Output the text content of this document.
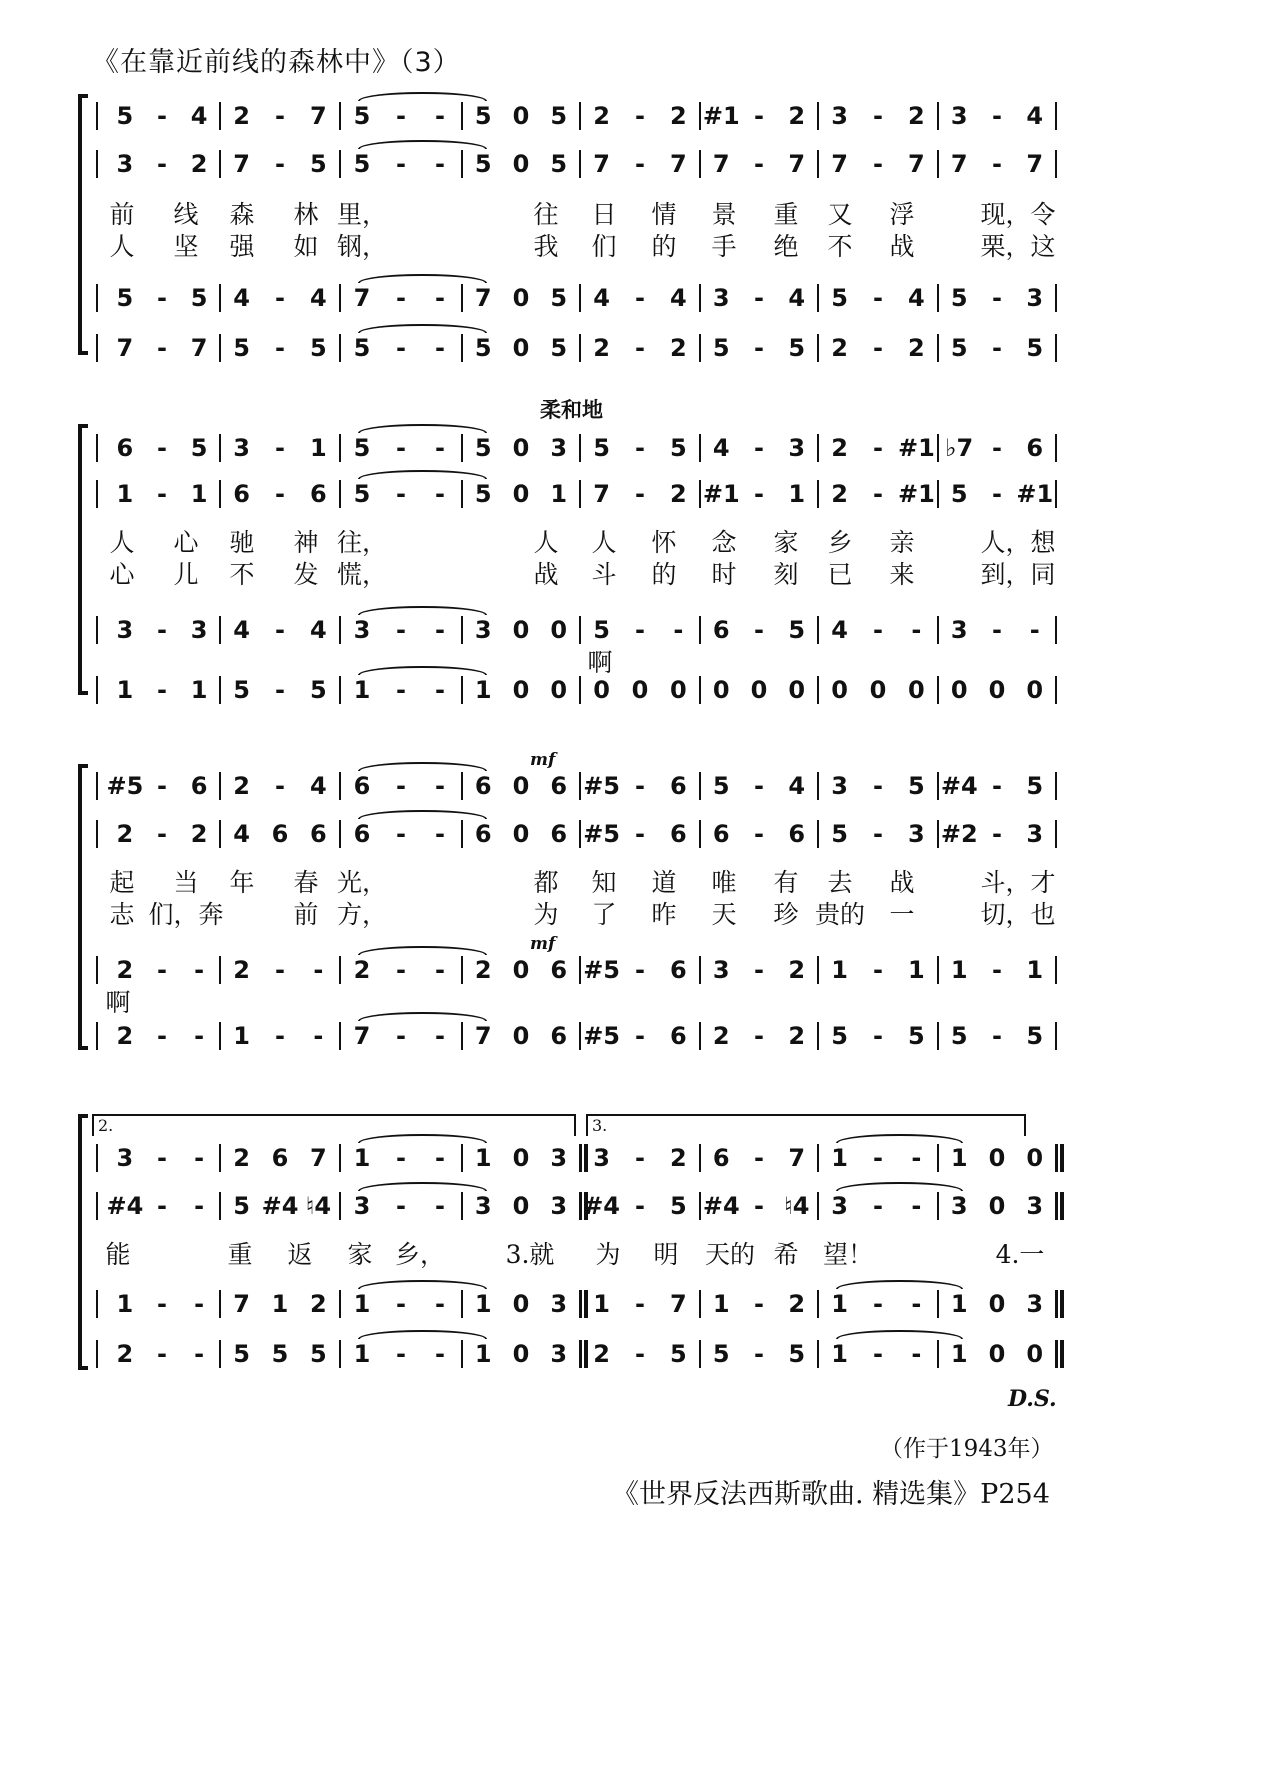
《在靠近前线的森林中》（3）
5 - 4 2 - 7 5 - - 5 0 5 2 - 2 #1 - 2 3 - 2 3 - 4
3 - 2 7 - 5 5 - - 5 0 5 7 - 7 7 - 7 7 - 7 7 - 7
前 线 森 林 里，	往 日 情 景 重 又 浮	现，令
人 坚 强 如 钢，	我 们 的 手 绝 不 战	栗，这
5 - 5 4 - 4 7 - - 7 0 5 4 - 4 3 - 4 5 - 4 5 - 3
7 - 7 5 - 5 5 - - 5 0 5 2 - 2 5 - 5 2 - 2 5 - 5
6 - 5 3 - 1 5 - - 5 0 3 5 - 5 4 - 3 2 - #1 ♭7 - 6
1 - 1 6 - 6 5 - - 5 0 1 7 - 2 #1 - 1 2 - #1 5 - #1
人 心 驰 神 往，	人 人 怀 念 家 乡 亲	人，想
心 儿 不 发 慌，	战 斗 的 时 刻 已 来	到，同
3 - 3 4 - 4 3 - - 3 0 0 5 - - 6 - 5 4 - - 3 - -
1 - 1 5 - 5 1 - - 1 0 0 0 0 0 0 0 0 0 0 0 0 0 0
柔和地
啊
#5 - 6 2 - 4 6 - - 6 0 6 #5 - 6 5 - 4 3 - 5 #4 - 5
2 - 2 4 6 6 6 - - 6 0 6 #5 - 6 6 - 6 5 - 3 #2 - 3
起 当 年 春 光，	都 知 道 唯 有 去 战	斗，才
志 们，奔	前 方，	为 了 昨 天 珍 贵的 一	切，也
2 - - 2 - - 2 - - 2 0 6 #5 - 6 3 - 2 1 - 1 1 - 1
2 - - 1 - - 7 - - 7 0 6 #5 - 6 2 - 2 5 - 5 5 - 5
mf
mf
啊
3 - - 2 6 7 1 - - 1 0 3 3 - 2 6 - 7 1 - - 1 0 0
#4 - - 5 #4 ♮4 3 - - 3 0 3 #4 - 5 #4 - ♮4 3 - - 3 0 3
能	重 返 家 乡， 3.就 为 明 天的 希 望！	4.一
1 - - 7 1 2 1 - - 1 0 3 1 - 7 1 - 2 1 - - 1 0 3
2 - - 5 5 5 1 - - 1 0 3 2 - 5 5 - 5 1 - - 1 0 0
2.	3.
D.S.
（作于1943年）
《世界反法西斯歌曲. 精选集》P254
